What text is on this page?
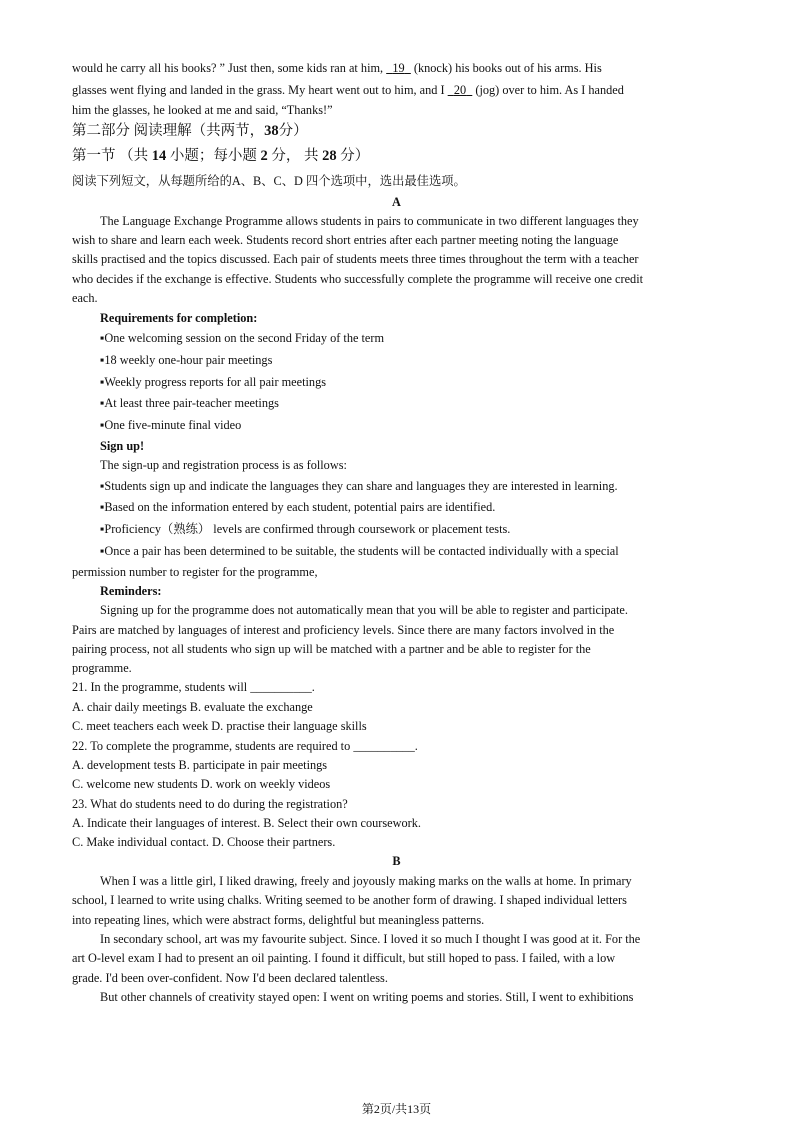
would he carry all his books? ” Just then, some kids ran at him, 19 (knock) his books out of his arms. His
glasses went flying and landed in the grass. My heart went out to him, and I 20 (jog) over to him. As I handed
him the glasses, he looked at me and said, “Thanks!”
第二部分 阅读理解（共两节，38分）
第一节 （共 14 小题；每小题 2 分， 共 28 分）
阅读下列短文，从每题所给的A、B、C、D 四个选项中，选出最佳选项。
A
The Language Exchange Programme allows students in pairs to communicate in two different languages they
wish to share and learn each week. Students record short entries after each partner meeting noting the language
skills practised and the topics discussed. Each pair of students meets three times throughout the term with a teacher
who decides if the exchange is effective. Students who successfully complete the programme will receive one credit
each.
Requirements for completion:
▪One welcoming session on the second Friday of the term
▪18 weekly one-hour pair meetings
▪Weekly progress reports for all pair meetings
▪At least three pair-teacher meetings
▪One five-minute final video
Sign up!
The sign-up and registration process is as follows:
▪Students sign up and indicate the languages they can share and languages they are interested in learning.
▪Based on the information entered by each student, potential pairs are identified.
▪Proficiency（熟练） levels are confirmed through coursework or placement tests.
▪Once a pair has been determined to be suitable, the students will be contacted individually with a special
permission number to register for the programme,
Reminders:
Signing up for the programme does not automatically mean that you will be able to register and participate.
Pairs are matched by languages of interest and proficiency levels. Since there are many factors involved in the
pairing process, not all students who sign up will be matched with a partner and be able to register for the
programme.
21. In the programme, students will __________.
A. chair daily meetings B. evaluate the exchange
C. meet teachers each week D. practise their language skills
22. To complete the programme, students are required to __________.
A. development tests B. participate in pair meetings
C. welcome new students D. work on weekly videos
23. What do students need to do during the registration?
A. Indicate their languages of interest. B. Select their own coursework.
C. Make individual contact. D. Choose their partners.
B
When I was a little girl, I liked drawing, freely and joyously making marks on the walls at home. In primary
school, I learned to write using chalks. Writing seemed to be another form of drawing. I shaped individual letters
into repeating lines, which were abstract forms, delightful but meaningless patterns.
In secondary school, art was my favourite subject. Since. I loved it so much I thought I was good at it. For the
art O-level exam I had to present an oil painting. I found it difficult, but still hoped to pass. I failed, with a low
grade. I'd been over-confident. Now I'd been declared talentless.
But other channels of creativity stayed open: I went on writing poems and stories. Still, I went to exhibitions
第2页/共13页
